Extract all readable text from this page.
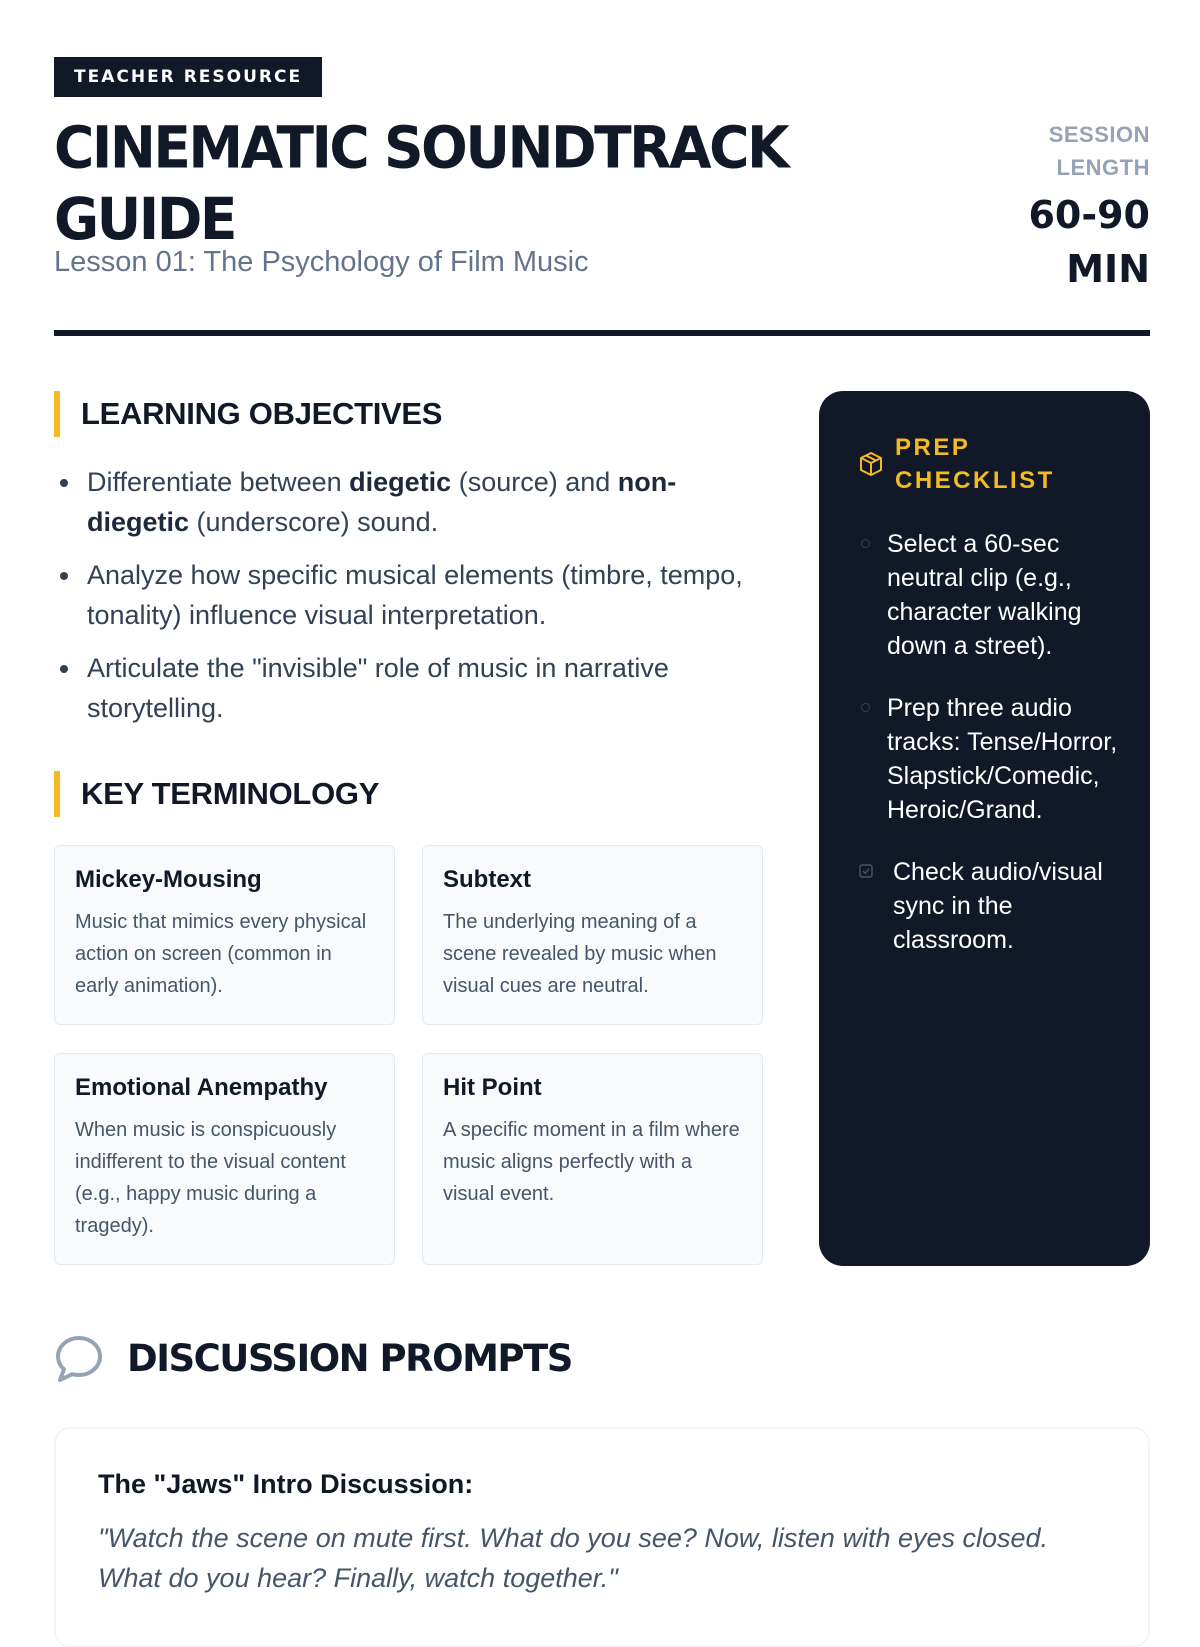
TEACHER RESOURCE
CINEMATIC SOUNDTRACK GUIDE
Lesson 01: The Psychology of Film Music
SESSION LENGTH
60-90 MIN
LEARNING OBJECTIVES
Differentiate between diegetic (source) and non-diegetic (underscore) sound.
Analyze how specific musical elements (timbre, tempo, tonality) influence visual interpretation.
Articulate the "invisible" role of music in narrative storytelling.
KEY TERMINOLOGY
Mickey-Mousing
Music that mimics every physical action on screen (common in early animation).
Subtext
The underlying meaning of a scene revealed by music when visual cues are neutral.
Emotional Anempathy
When music is conspicuously indifferent to the visual content (e.g., happy music during a tragedy).
Hit Point
A specific moment in a film where music aligns perfectly with a visual event.
PREP CHECKLIST
Select a 60-sec neutral clip (e.g., character walking down a street).
Prep three audio tracks: Tense/Horror, Slapstick/Comedic, Heroic/Grand.
Check audio/visual sync in the classroom.
DISCUSSION PROMPTS
The "Jaws" Intro Discussion:
"Watch the scene on mute first. What do you see? Now, listen with eyes closed. What do you hear? Finally, watch together."
